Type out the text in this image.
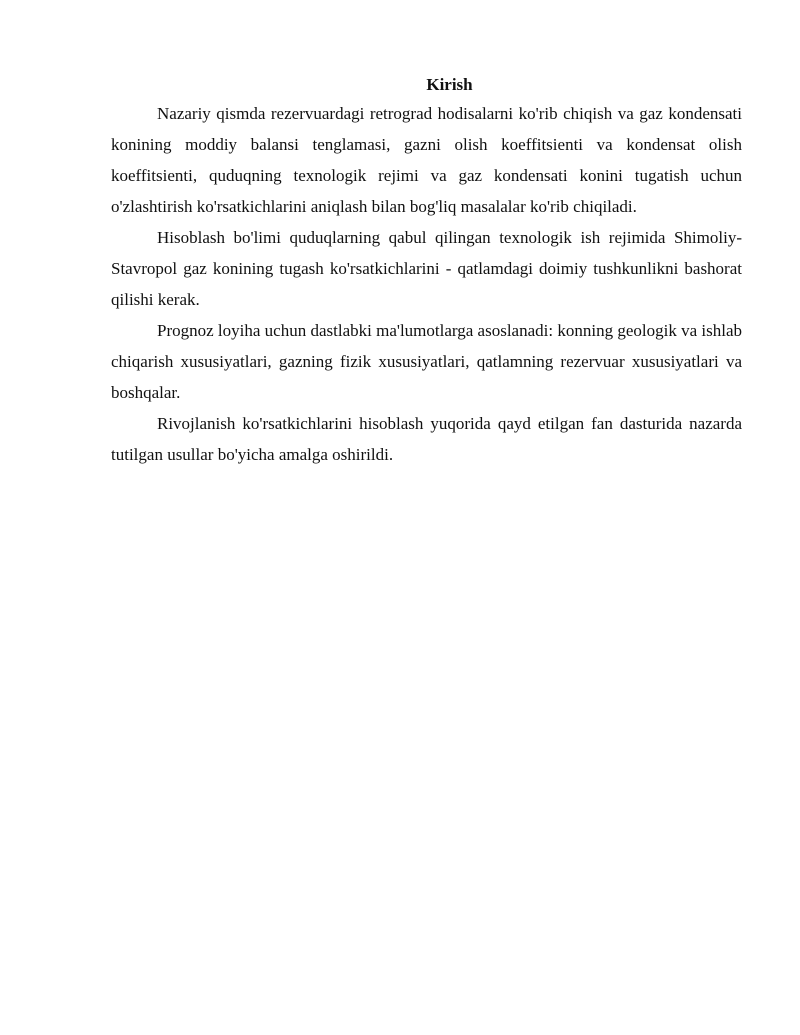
Kirish

Nazariy qismda rezervuardagi retrograd hodisalarni ko'rib chiqish va gaz kondensati konining moddiy balansi tenglamasi, gazni olish koeffitsienti va kondensat olish koeffitsienti, quduqning texnologik rejimi va gaz kondensati konini tugatish uchun o'zlashtirish ko'rsatkichlarini aniqlash bilan bog'liq masalalar ko'rib chiqiladi.

Hisoblash bo'limi quduqlarning qabul qilingan texnologik ish rejimida Shimoliy-Stavropol gaz konining tugash ko'rsatkichlarini - qatlamdagi doimiy tushkunlikni bashorat qilishi kerak.

Prognoz loyiha uchun dastlabki ma'lumotlarga asoslanadi: konning geologik va ishlab chiqarish xususiyatlari, gazning fizik xususiyatlari, qatlamning rezervuar xususiyatlari va boshqalar.

Rivojlanish ko'rsatkichlarini hisoblash yuqorida qayd etilgan fan dasturida nazarda tutilgan usullar bo'yicha amalga oshirildi.
